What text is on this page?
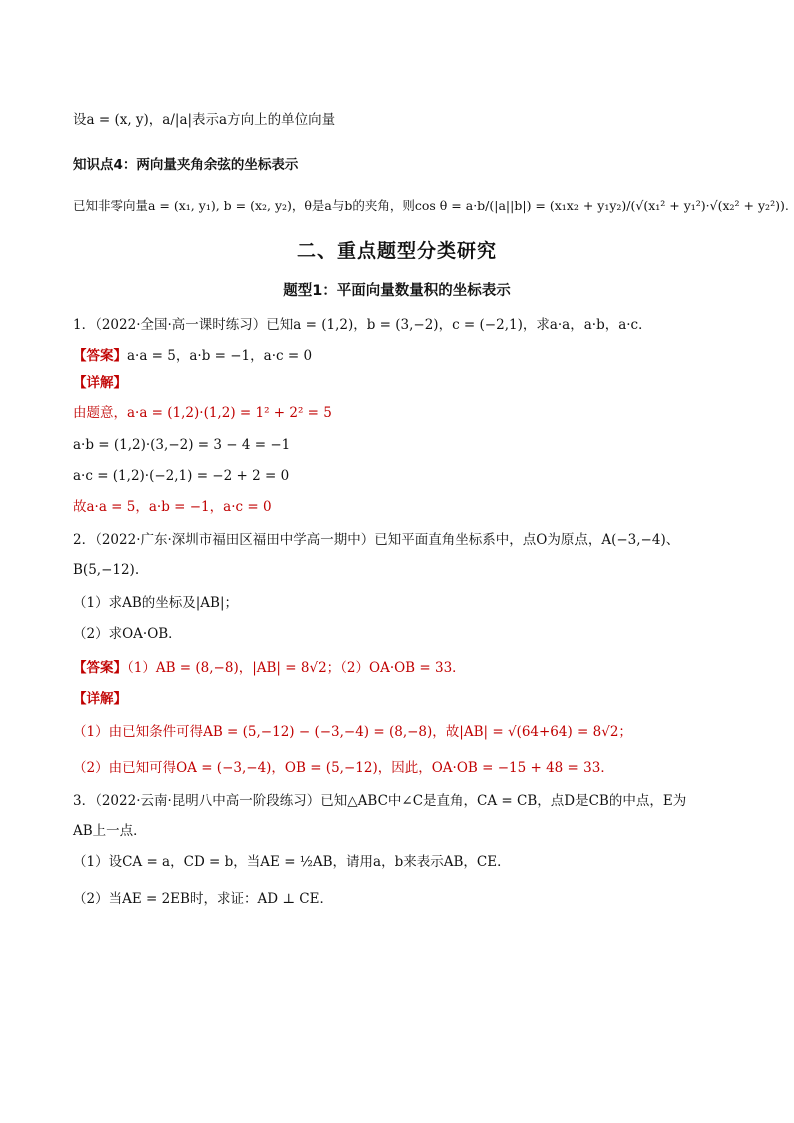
设a = (x, y)，a/|a|表示a方向上的单位向量
知识点4：两向量夹角余弦的坐标表示
已知非零向量a = (x₁, y₁), b = (x₂, y₂)，θ是a与b的夹角，则cos θ = a·b/(|a||b|) = (x₁x₂ + y₁y₂)/(√(x₁² + y₁²)·√(x₂² + y₂²)).
二、重点题型分类研究
题型1：平面向量数量积的坐标表示
1．（2022·全国·高一课时练习）已知a = (1,2)，b = (3,−2)，c = (−2,1)，求a·a，a·b，a·c．
【答案】a·a = 5，a·b = −1，a·c = 0
【详解】
由题意，a·a = (1,2)·(1,2) = 1² + 2² = 5
a·b = (1,2)·(3,−2) = 3 − 4 = −1
a·c = (1,2)·(−2,1) = −2 + 2 = 0
故a·a = 5，a·b = −1，a·c = 0
2．（2022·广东·深圳市福田区福田中学高一期中）已知平面直角坐标系中，点O为原点，A(−3,−4)、
B(5,−12).
（1）求AB的坐标及|AB|；
（2）求OA·OB．
【答案】（1）AB = (8,−8)，|AB| = 8√2；（2）OA·OB = 33．
【详解】
（1）由已知条件可得AB = (5,−12) − (−3,−4) = (8,−8)，故|AB| = √(64+64) = 8√2；
（2）由已知可得OA = (−3,−4)，OB = (5,−12)，因此，OA·OB = −15 + 48 = 33．
3．（2022·云南·昆明八中高一阶段练习）已知△ABC中∠C是直角，CA = CB，点D是CB的中点，E为
AB上一点．
（1）设CA = a，CD = b，当AE = ½AB，请用a，b来表示AB，CE．
（2）当AE = 2EB时，求证：AD ⊥ CE．
